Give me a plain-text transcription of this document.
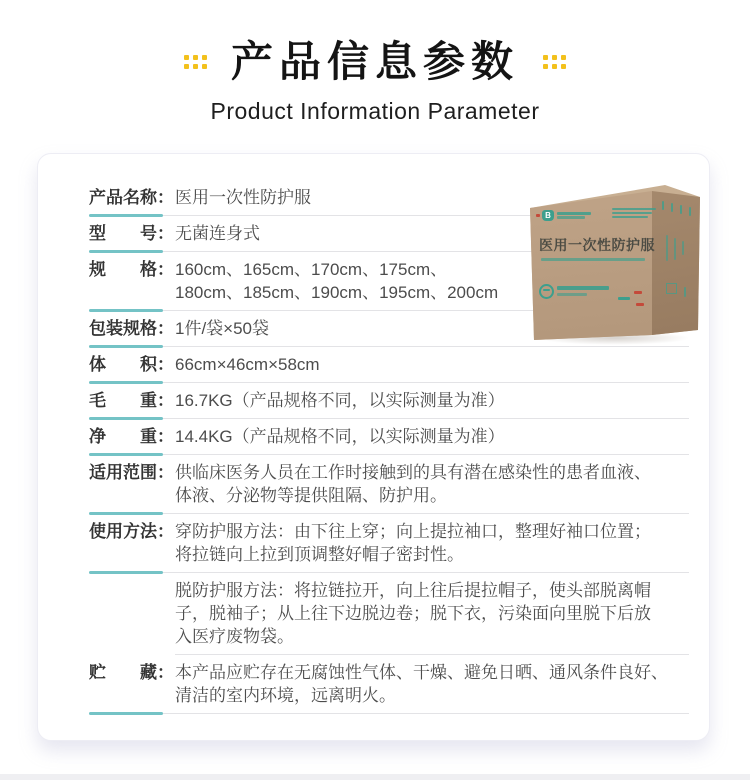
产品信息参数
Product Information Parameter
产品名称： 医用一次性防护服
型　　号： 无菌连身式
规　　格： 160cm、165cm、170cm、175cm、
180cm、185cm、190cm、195cm、200cm
包装规格： 1件/袋×50袋
体　　积： 66cm×46cm×58cm
毛　　重： 16.7KG（产品规格不同，以实际测量为准）
净　　重： 14.4KG（产品规格不同，以实际测量为准）
适用范围： 供临床医务人员在工作时接触到的具有潜在感染性的患者血液、
体液、分泌物等提供阻隔、防护用。
使用方法： 穿防护服方法：由下往上穿；向上提拉袖口，整理好袖口位置；
将拉链向上拉到顶调整好帽子密封性。
脱防护服方法：将拉链拉开，向上往后提拉帽子，使头部脱离帽
子，脱袖子；从上往下边脱边卷；脱下衣，污染面向里脱下后放
入医疗废物袋。
贮　　藏： 本产品应贮存在无腐蚀性气体、干燥、避免日晒、通风条件良好、
清洁的室内环境，远离明火。
B
医用一次性防护服
